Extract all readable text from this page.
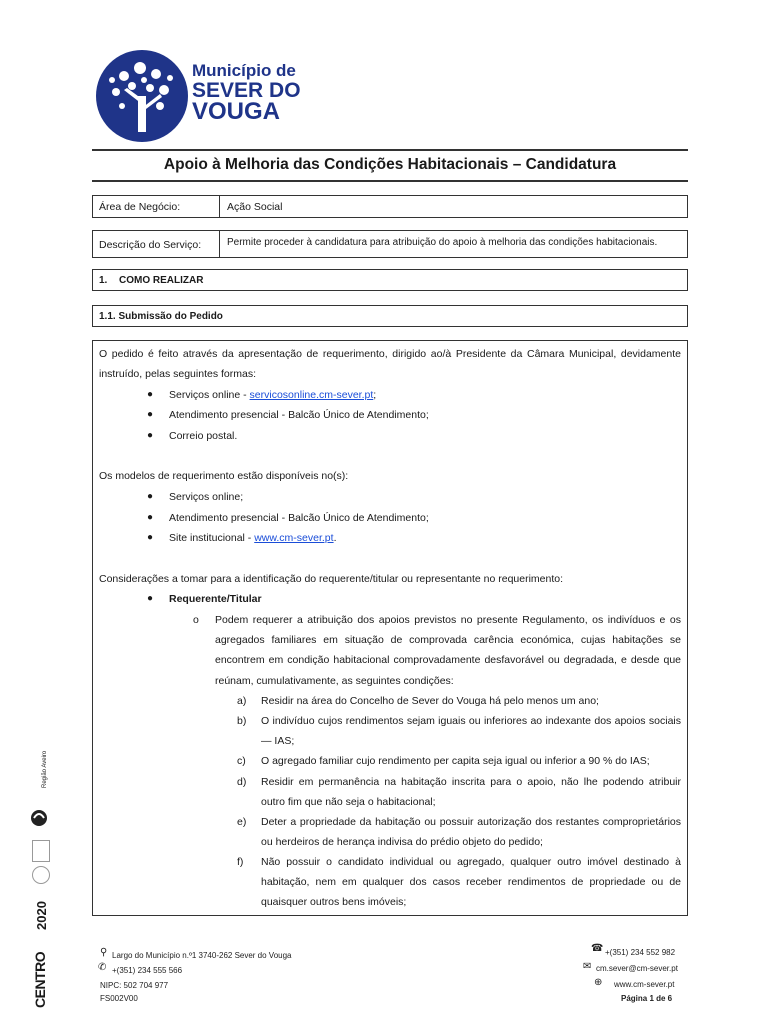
Município de
SEVER DO
VOUGA
Apoio à Melhoria das Condições Habitacionais – Candidatura
Área de Negócio:	Ação Social
Descrição do Serviço:	Permite proceder à candidatura para atribuição do apoio à melhoria das condições habitacionais.
1. COMO REALIZAR
1.1. Submissão do Pedido
O pedido é feito através da apresentação de requerimento, dirigido ao/à Presidente da Câmara Municipal, devidamente
instruído, pelas seguintes formas:
● Serviços online - servicosonline.cm-sever.pt;
● Atendimento presencial - Balcão Único de Atendimento;
● Correio postal.
Os modelos de requerimento estão disponíveis no(s):
● Serviços online;
● Atendimento presencial - Balcão Único de Atendimento;
● Site institucional - www.cm-sever.pt.
Considerações a tomar para a identificação do requerente/titular ou representante no requerimento:
● Requerente/Titular
o Podem requerer a atribuição dos apoios previstos no presente Regulamento, os indivíduos e os
agregados familiares em situação de comprovada carência económica, cujas habitações se
encontrem em condição habitacional comprovadamente desfavorável ou degradada, e desde que
reúnam, cumulativamente, as seguintes condições:
a) Residir na área do Concelho de Sever do Vouga há pelo menos um ano;
b) O indivíduo cujos rendimentos sejam iguais ou inferiores ao indexante dos apoios sociais
— IAS;
c) O agregado familiar cujo rendimento per capita seja igual ou inferior a 90 % do IAS;
d) Residir em permanência na habitação inscrita para o apoio, não lhe podendo atribuir
outro fim que não seja o habitacional;
e) Deter a propriedade da habitação ou possuir autorização dos restantes comproprietários
ou herdeiros de herança indivisa do prédio objeto do pedido;
f) Não possuir o candidato individual ou agregado, qualquer outro imóvel destinado à
habitação, nem em qualquer dos casos receber rendimentos de propriedade ou de
quaisquer outros bens imóveis;
Região Aveiro
2020
CENTRO	⚲ Largo do Município n.º1 3740-262 Sever do Vouga
✆ +(351) 234 555 566
NIPC: 502 704 977
FS002V00
☎ +(351) 234 552 982
✉ cm.sever@cm-sever.pt
⊕ www.cm-sever.pt
Página 1 de 6
